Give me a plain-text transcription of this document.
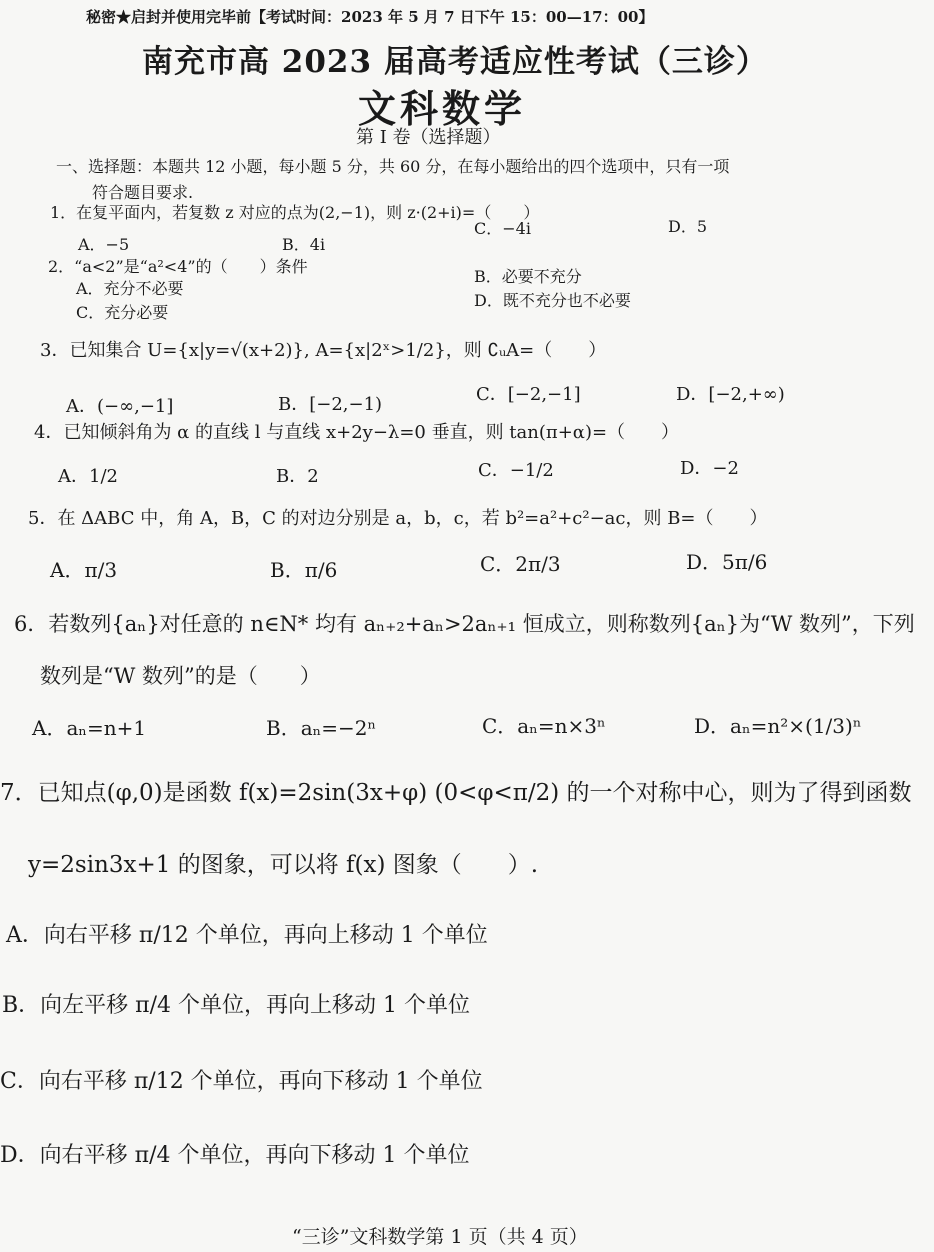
秘密★启封并使用完毕前【考试时间：2023 年 5 月 7 日下午 15：00—17：00】
南充市高 2023 届高考适应性考试（三诊）
文科数学
第 I 卷（选择题）
一、选择题：本题共 12 小题，每小题 5 分，共 60 分，在每小题给出的四个选项中，只有一项
符合题目要求.
1．在复平面内，若复数 z 对应的点为(2,−1)，则 z·(2+i)=（　　）
A．−5	B．4i
C．−4i	D．5
2．“a<2”是“a²<4”的（　　）条件
A．充分不必要
B．必要不充分
C．充分必要
D．既不充分也不必要
3．已知集合 U={x|y=√(x+2)}, A={x|2ˣ>1/2}，则 ∁ᵤA=（　　）
A．(−∞,−1]	B．[−2,−1)	C．[−2,−1]	D．[−2,+∞)
4．已知倾斜角为 α 的直线 l 与直线 x+2y−λ=0 垂直，则 tan(π+α)=（　　）
A．1/2	B．2	C．−1/2	D．−2
5．在 ΔABC 中，角 A，B，C 的对边分别是 a，b，c，若 b²=a²+c²−ac，则 B=（　　）
A．π/3	B．π/6	C．2π/3	D．5π/6
6．若数列{aₙ}对任意的 n∈N* 均有 aₙ₊₂+aₙ>2aₙ₊₁ 恒成立，则称数列{aₙ}为“W 数列”，下列
数列是“W 数列”的是（　　）
A．aₙ=n+1	B．aₙ=−2ⁿ	C．aₙ=n×3ⁿ	D．aₙ=n²×(1/3)ⁿ
7．已知点(φ,0)是函数 f(x)=2sin(3x+φ) (0<φ<π/2) 的一个对称中心，则为了得到函数
y=2sin3x+1 的图象，可以将 f(x) 图象（　　）.
A．向右平移 π/12 个单位，再向上移动 1 个单位
B．向左平移 π/4 个单位，再向上移动 1 个单位
C．向右平移 π/12 个单位，再向下移动 1 个单位
D．向右平移 π/4 个单位，再向下移动 1 个单位
“三诊”文科数学第 1 页（共 4 页）
